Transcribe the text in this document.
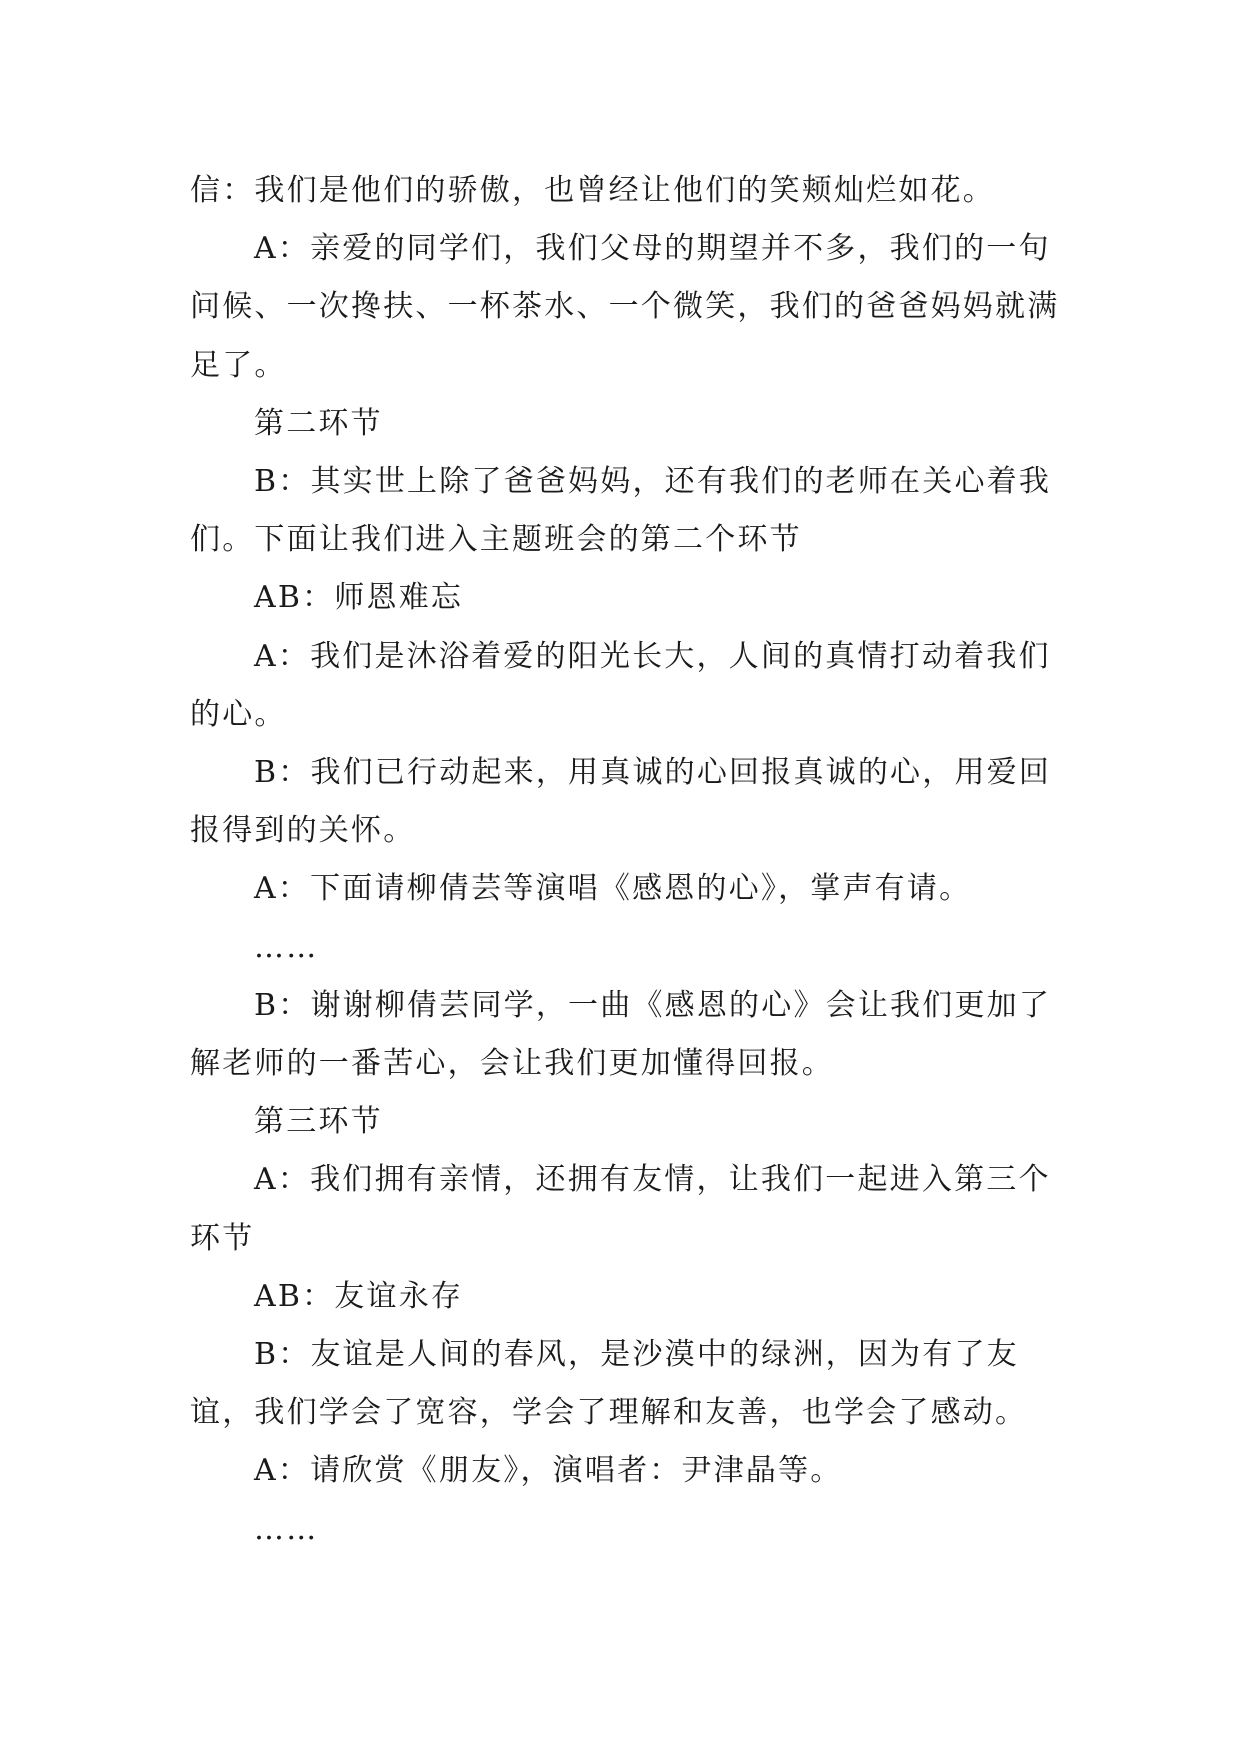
信：我们是他们的骄傲，也曾经让他们的笑颊灿烂如花。

A：亲爱的同学们，我们父母的期望并不多，我们的一句问候、一次搀扶、一杯茶水、一个微笑，我们的爸爸妈妈就满足了。

第二环节

B：其实世上除了爸爸妈妈，还有我们的老师在关心着我们。下面让我们进入主题班会的第二个环节

AB：师恩难忘

A：我们是沐浴着爱的阳光长大，人间的真情打动着我们的心。

B：我们已行动起来，用真诚的心回报真诚的心，用爱回报得到的关怀。

A：下面请柳倩芸等演唱《感恩的心》，掌声有请。

……

B：谢谢柳倩芸同学，一曲《感恩的心》会让我们更加了解老师的一番苦心，会让我们更加懂得回报。

第三环节

A：我们拥有亲情，还拥有友情，让我们一起进入第三个环节

AB：友谊永存

B：友谊是人间的春风，是沙漠中的绿洲，因为有了友谊，我们学会了宽容，学会了理解和友善，也学会了感动。

A：请欣赏《朋友》，演唱者：尹津晶等。

……
